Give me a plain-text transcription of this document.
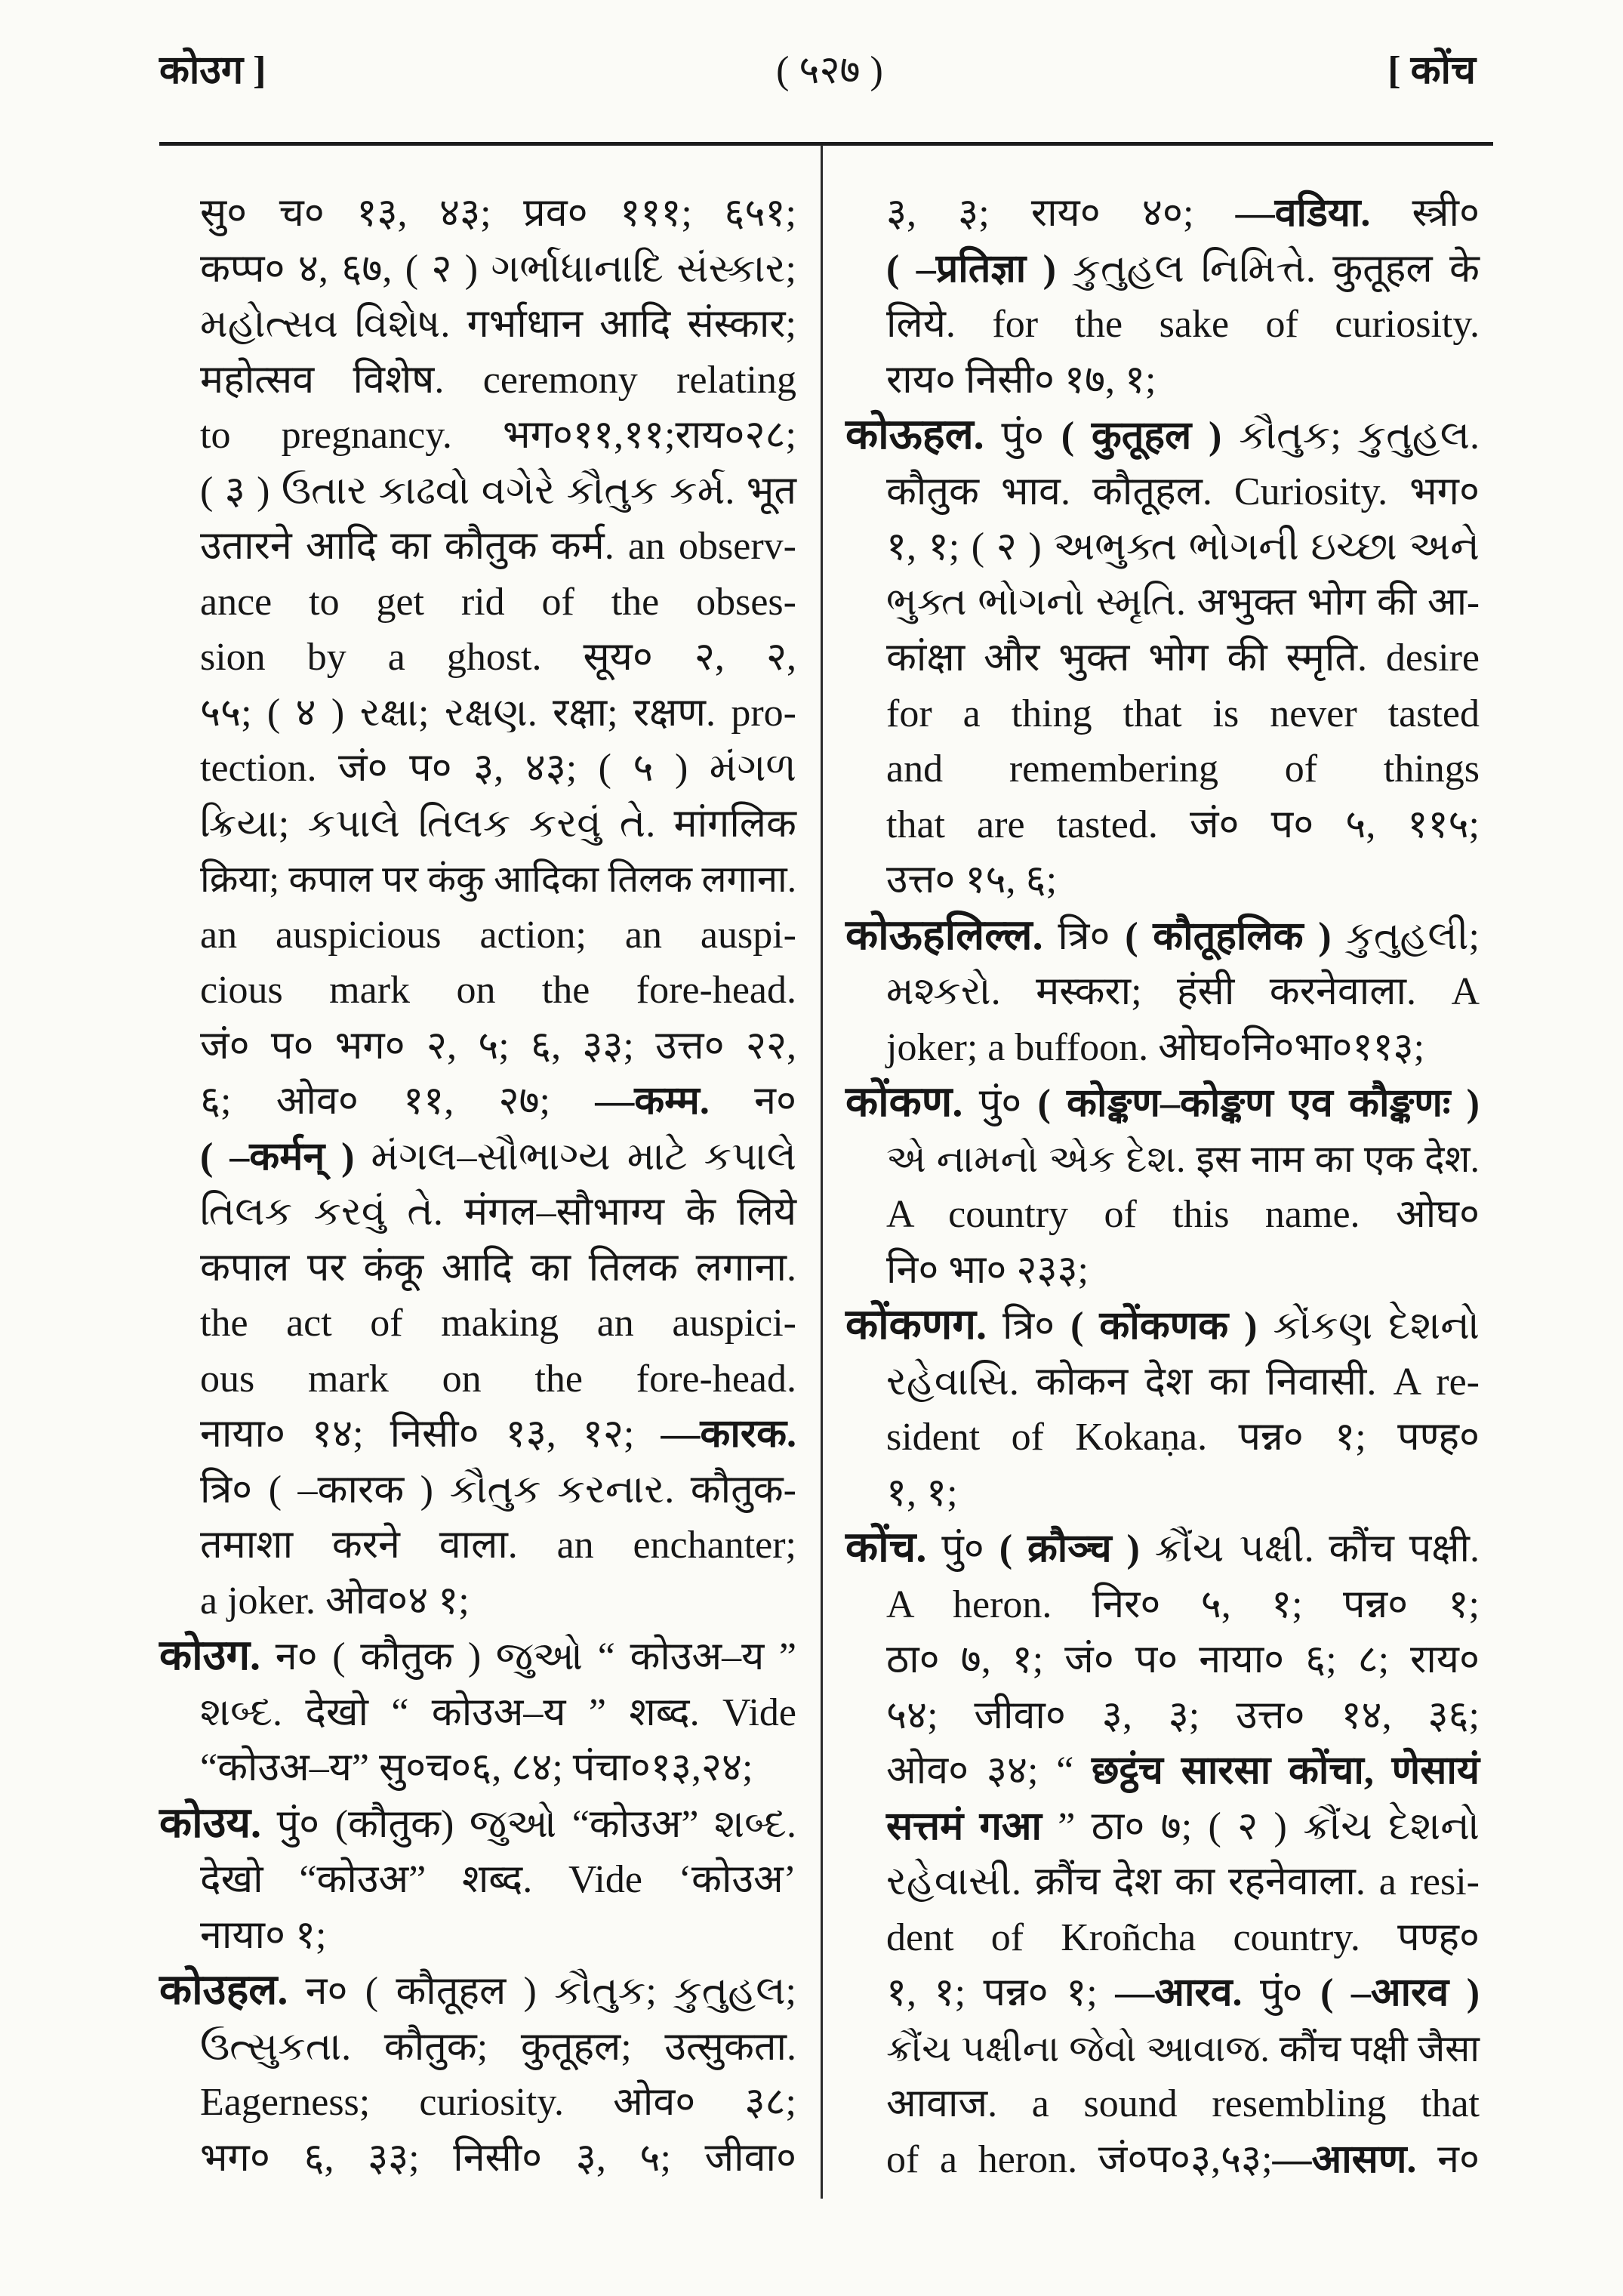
कोउग ]	( ५२७ )	[ कोंच
सु० च० १३, ४३; प्रव० १११; ६५१;
कप्प० ४, ६७, ( २ ) ગર્ભાધાનાદિ સંસ્કાર;
મહોત્સવ વિશેષ. गर्भाधान आदि संस्कार;
महोत्सव विशेष. ceremony relating
to pregnancy. भग०११,११;राय०२८;
( ३ ) ઉતાર કાઢવો વગેરે કૌતુક કર્મ. भूत
उतारने आदि का कौतुक कर्म. an observ-
ance to get rid of the obses-
sion by a ghost. सूय० २, २,
५५; ( ४ ) રક્ષા; રક્ષણ. रक्षा; रक्षण. pro-
tection. जं० प० ३, ४३; ( ५ ) મંગળ
ક્રિયા; કપાલે તિલક કરવું તે. मांगलिक
क्रिया; कपाल पर कंकु आदिका तिलक लगाना.
an auspicious action; an auspi-
cious mark on the fore-head.
जं० प० भग० २, ५; ६, ३३; उत्त० २२,
६; ओव० ११, २७; —कम्म. न०
( –कर्मन् ) મંગલ–સૌભાગ્ય માટે કપાલે
તિલક કરવું તે. मंगल–सौभाग्य के लिये
कपाल पर कंकू आदि का तिलक लगाना.
the act of making an auspici-
ous mark on the fore-head.
नाया० १४; निसी० १३, १२; —कारक.
त्रि० ( –कारक ) કૌતુક કરનાર. कौतुक-
तमाशा करने वाला. an enchanter;
a joker. ओव०४ १;
कोउग. न० ( कौतुक ) જુઓ “ कोउअ–य ”
શબ્દ. देखो “ कोउअ–य ” शब्द. Vide
“कोउअ–य” सु०च०६, ८४; पंचा०१३,२४;
कोउय. पुं० (कौतुक) જુઓ “कोउअ” શબ્દ.
देखो “कोउअ” शब्द. Vide ‘कोउअ’
नाया० १;
कोउहल. न० ( कौतूहल ) કૌતુક; કુતુહલ;
ઉત્સુકતા. कौतुक; कुतूहल; उत्सुकता.
Eagerness; curiosity. ओव० ३८;
भग० ६, ३३; निसी० ३, ५; जीवा०
३, ३; राय० ४०; —वडिया. स्त्री०
( –प्रतिज्ञा ) કુતુહલ નિમિત્તે. कुतूहल के
लिये. for the sake of curiosity.
राय० निसी० १७, १;
कोऊहल. पुं० ( कुतूहल ) કૌતુક; કુતુહલ.
कौतुक भाव. कौतूहल. Curiosity. भग०
१, १; ( २ ) અભુક્ત ભોગની ઇચ્છા અને
ભુક્ત ભોગનો સ્મૃતિ. अभुक्त भोग की आ-
कांक्षा और भुक्त भोग की स्मृति. desire
for a thing that is never tasted
and remembering of things
that are tasted. जं० प० ५, ११५;
उत्त० १५, ६;
कोऊहलिल्ल. त्रि० ( कौतूहलिक ) કુતુહલી;
મશ્કરો. मस्करा; हंसी करनेवाला. A
joker; a buffoon. ओघ०नि०भा०११३;
कोंकण. पुं० ( कोङ्कण–कोङ्कण एव कौङ्कणः )
એ નામનો એક દેશ. इस नाम का एक देश.
A country of this name. ओघ०
नि० भा० २३३;
कोंकणग. त्रि० ( कोंकणक ) કોંકણ દેશનો
રહેવાસિ. कोकन देश का निवासी. A re-
sident of Kokaṇa. पन्न० १; पण्ह०
१, १;
कोंच. पुं० ( क्रौञ्च ) ક્રૌંચ પક્ષી. कौंच पक्षी.
A heron. निर० ५, १; पन्न० १;
ठा० ७, १; जं० प० नाया० ६; ८; राय०
५४; जीवा० ३, ३; उत्त० १४, ३६;
ओव० ३४; “ छट्ठंच सारसा कोंचा, णेसायं
सत्तमं गआ ” ठा० ७; ( २ ) ક્રૌંચ દેશનો
રહેવાસી. क्रौंच देश का रहनेवाला. a resi-
dent of Kroñcha country. पण्ह०
१, १; पन्न० १; —आरव. पुं० ( –आरव )
ક્રૌંચ પક્ષીના જેવો આવાજ. कौंच पक्षी जैसा
आवाज. a sound resembling that
of a heron. जं०प०३,५३;—आसण. न०
